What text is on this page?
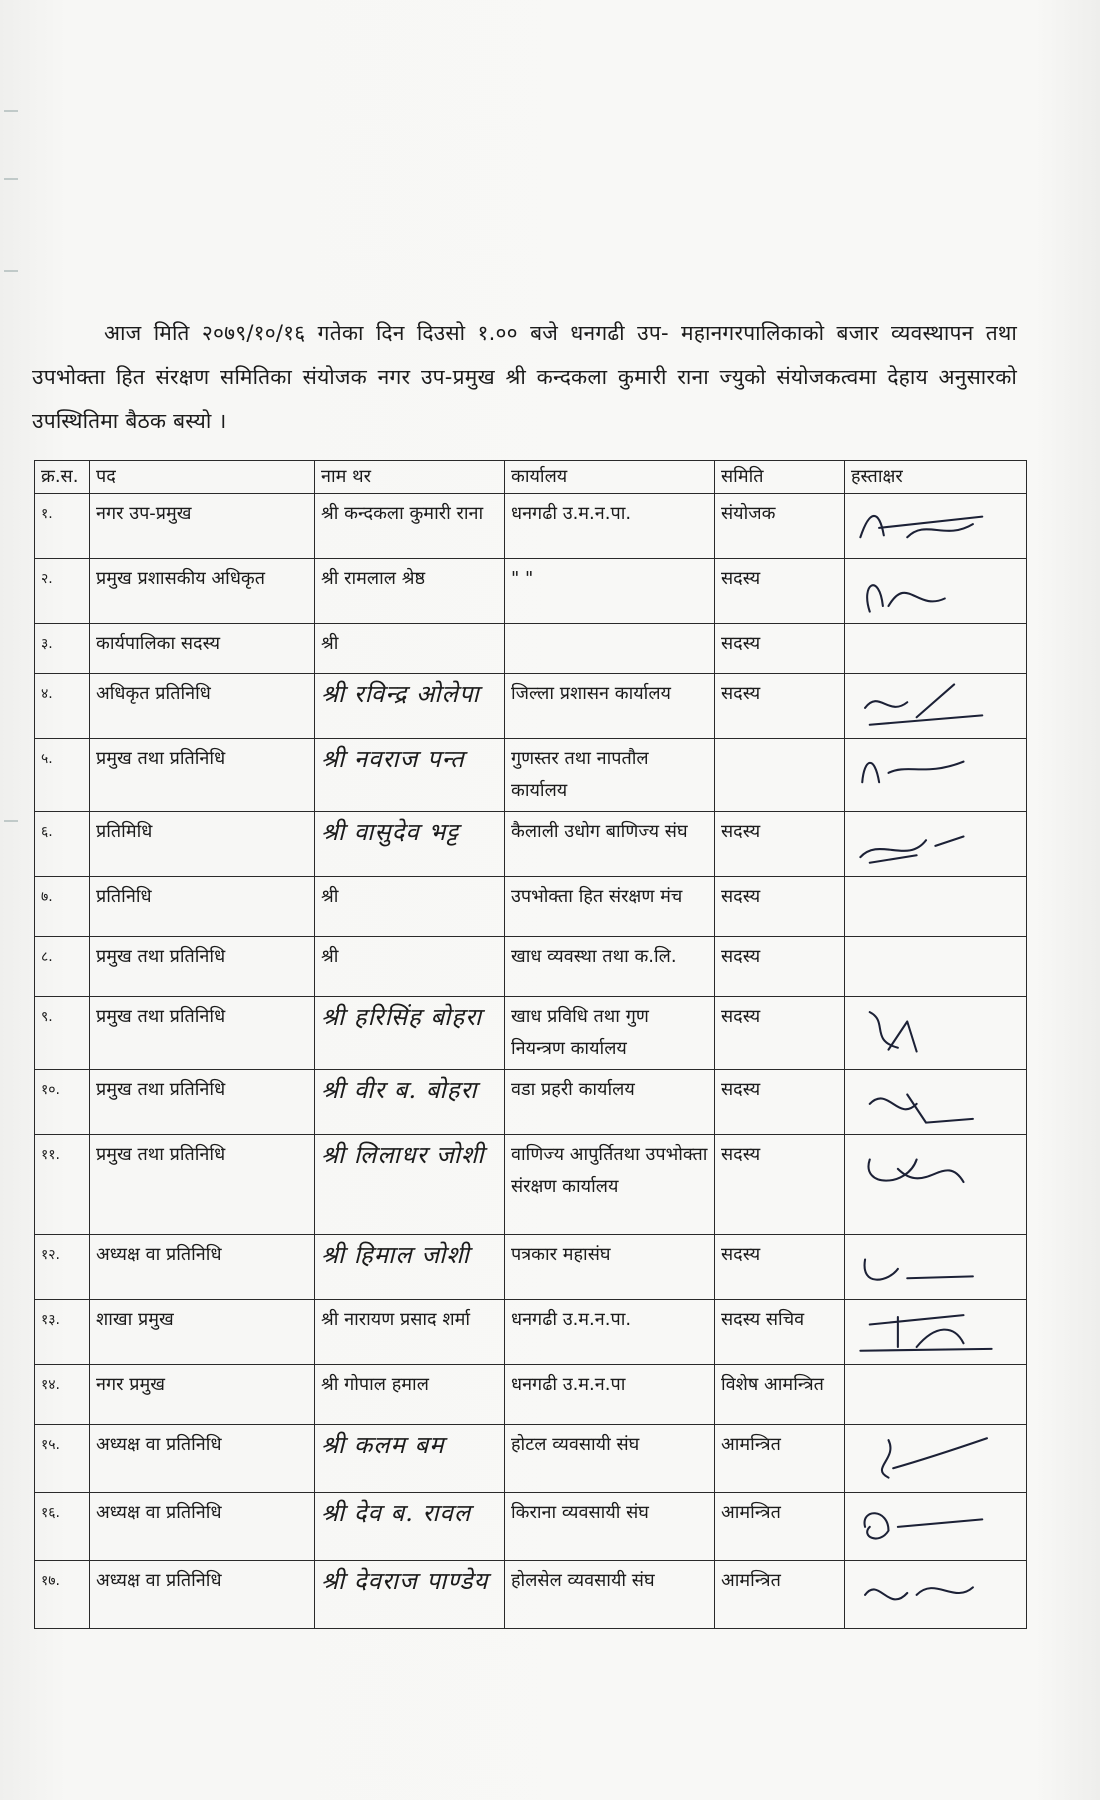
आज मिति २०७९/१०/१६ गतेका दिन दिउसो १.०० बजे धनगढी उप- महानगरपालिकाको बजार व्यवस्थापन तथा उपभोक्ता हित संरक्षण समितिका संयोजक नगर उप-प्रमुख श्री कन्दकला कुमारी राना ज्युको संयोजकत्वमा देहाय अनुसारको उपस्थितिमा बैठक बस्यो ।

क्र.स.	पद	नाम थर	कार्यालय	समिति	हस्ताक्षर
१.	नगर उप-प्रमुख	श्री कन्दकला कुमारी राना	धनगढी उ.म.न.पा.	संयोजक	

२.	प्रमुख प्रशासकीय अधिकृत	श्री रामलाल श्रेष्ठ	" "	सदस्य	

३.	कार्यपालिका सदस्य	श्री		सदस्य	
४.	अधिकृत प्रतिनिधि	श्री रविन्द्र ओलेपा	जिल्ला प्रशासन कार्यालय	सदस्य	

५.	प्रमुख तथा प्रतिनिधि	श्री नवराज पन्त	गुणस्तर तथा नापतौल कार्यालय		

६.	प्रतिमिधि	श्री वासुदेव भट्ट	कैलाली उधोग बाणिज्य संघ	सदस्य	

७.	प्रतिनिधि	श्री	उपभोक्ता हित संरक्षण मंच	सदस्य	
८.	प्रमुख तथा प्रतिनिधि	श्री	खाध व्यवस्था तथा क.लि.	सदस्य	
९.	प्रमुख तथा प्रतिनिधि	श्री हरिसिंह बोहरा	खाध प्रविधि तथा गुण नियन्त्रण कार्यालय	सदस्य	

१०.	प्रमुख तथा प्रतिनिधि	श्री वीर ब. बोहरा	वडा प्रहरी कार्यालय	सदस्य	

११.	प्रमुख तथा प्रतिनिधि	श्री लिलाधर जोशी	वाणिज्य आपुर्तितथा उपभोक्ता संरक्षण कार्यालय	सदस्य	

१२.	अध्यक्ष वा प्रतिनिधि	श्री हिमाल जोशी	पत्रकार महासंघ	सदस्य	

१३.	शाखा प्रमुख	श्री नारायण प्रसाद शर्मा	धनगढी उ.म.न.पा.	सदस्य सचिव	

१४.	नगर प्रमुख	श्री गोपाल हमाल	धनगढी उ.म.न.पा	विशेष आमन्त्रित	
१५.	अध्यक्ष वा प्रतिनिधि	श्री कलम बम	होटल व्यवसायी संघ	आमन्त्रित	

१६.	अध्यक्ष वा प्रतिनिधि	श्री देव ब. रावल	किराना व्यवसायी संघ	आमन्त्रित	

१७.	अध्यक्ष वा प्रतिनिधि	श्री देवराज पाण्डेय	होलसेल व्यवसायी संघ	आमन्त्रित	
